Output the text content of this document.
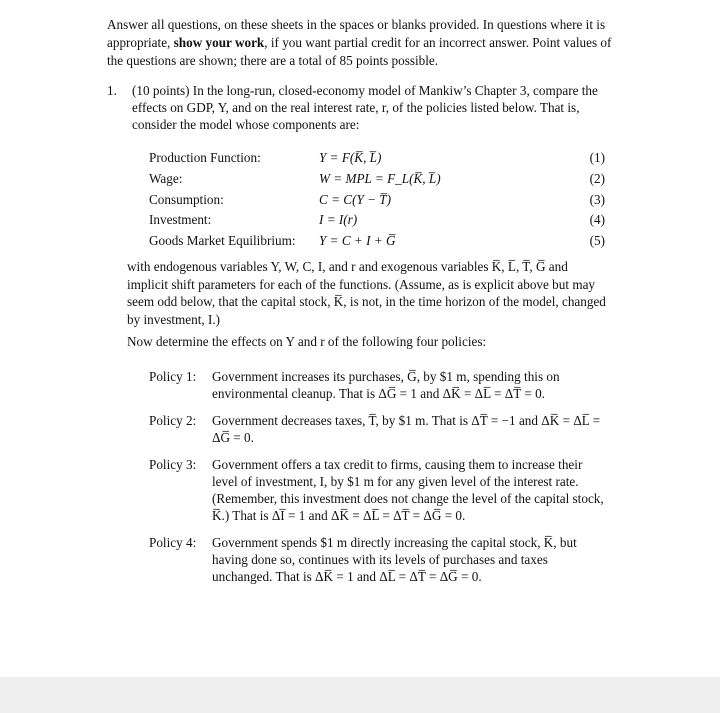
Answer all questions, on these sheets in the spaces or blanks provided. In questions where it is appropriate, show your work, if you want partial credit for an incorrect answer. Point values of the questions are shown; there are a total of 85 points possible.
1. (10 points) In the long-run, closed-economy model of Mankiw’s Chapter 3, compare the effects on GDP, Y, and on the real interest rate, r, of the policies listed below. That is, consider the model whose components are:
Production Function:	Y = F(K̅, L̅)	(1)
Wage:	W = MPL = F_L(K̅, L̅)	(2)
Consumption:	C = C(Y − T̅)	(3)
Investment:	I = I(r)	(4)
Goods Market Equilibrium: Y = C + I + G̅	(5)
with endogenous variables Y, W, C, I, and r and exogenous variables K̅, L̅, T̅, G̅ and implicit shift parameters for each of the functions. (Assume, as is explicit above but may seem odd below, that the capital stock, K̅, is not, in the time horizon of the model, changed by investment, I.)
Now determine the effects on Y and r of the following four policies:
Policy 1: Government increases its purchases, G̅, by $1 m, spending this on environmental cleanup. That is ΔG̅ = 1 and ΔK̅ = ΔL̅ = ΔT̅ = 0.
Policy 2: Government decreases taxes, T̅, by $1 m. That is ΔT̅ = −1 and ΔK̅ = ΔL̅ = ΔG̅ = 0.
Policy 3: Government offers a tax credit to firms, causing them to increase their level of investment, I, by $1 m for any given level of the interest rate. (Remember, this investment does not change the level of the capital stock, K̅.) That is ΔI̅ = 1 and ΔK̅ = ΔL̅ = ΔT̅ = ΔG̅ = 0.
Policy 4: Government spends $1 m directly increasing the capital stock, K̅, but having done so, continues with its levels of purchases and taxes unchanged. That is ΔK̅ = 1 and ΔL̅ = ΔT̅ = ΔG̅ = 0.
